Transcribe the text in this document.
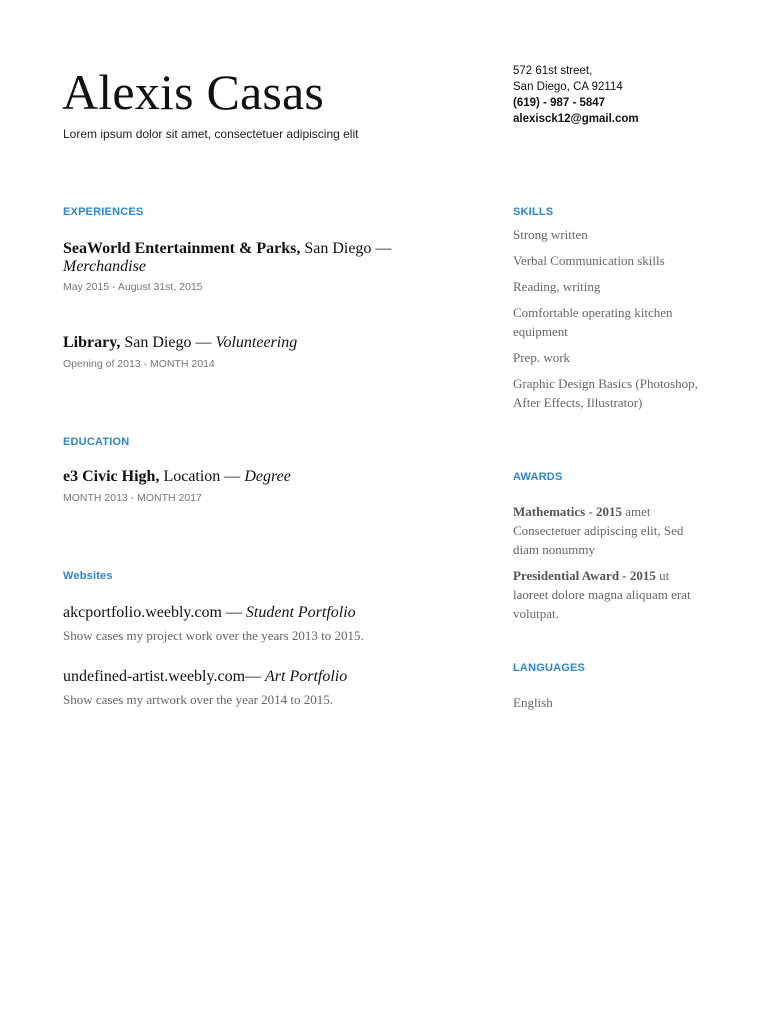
Alexis Casas
Lorem ipsum dolor sit amet, consectetuer adipiscing elit
572 61st street,
San Diego, CA 92114
(619) - 987 - 5847
alexisck12@gmail.com
EXPERIENCES
SeaWorld Entertainment & Parks, San Diego —
Merchandise
May 2015 - August 31st, 2015
Library, San Diego — Volunteering
Opening of 2013 - MONTH 2014
EDUCATION
e3 Civic High, Location — Degree
MONTH 2013 - MONTH 2017
Websites
akcportfolio.weebly.com — Student Portfolio
Show cases my project work over the years 2013 to 2015.
undefined-artist.weebly.com— Art Portfolio
Show cases my artwork over the year 2014 to 2015.
SKILLS
Strong written
Verbal Communication skills
Reading, writing
Comfortable operating kitchen equipment
Prep. work
Graphic Design Basics (Photoshop, After Effects, Illustrator)
AWARDS
Mathematics - 2015 amet Consectetuer adipiscing elit, Sed diam nonummy
Presidential Award - 2015 ut laoreet dolore magna aliquam erat volutpat.
LANGUAGES
English
